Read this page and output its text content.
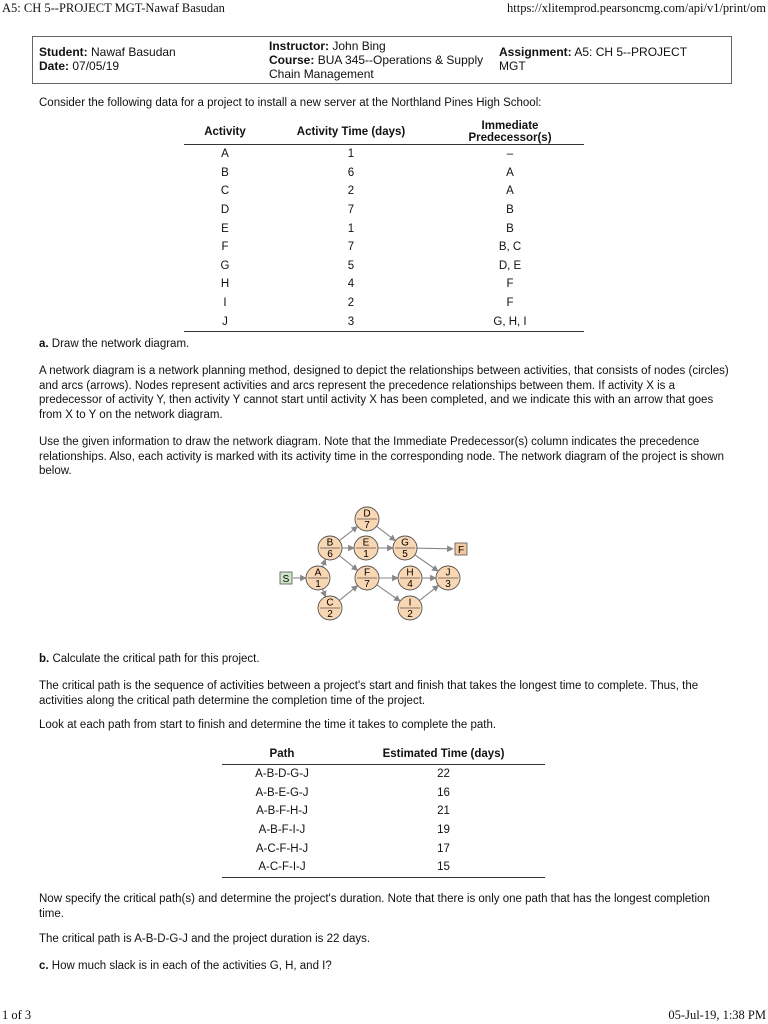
A5: CH 5--PROJECT MGT-Nawaf Basudan	https://xlitemprod.pearsoncmg.com/api/v1/print/om
Student: Nawaf Basudan
Date: 07/05/19
Instructor: John Bing
Course: BUA 345--Operations & Supply
Chain Management
Assignment: A5: CH 5--PROJECT
MGT

Consider the following data for a project to install a new server at the Northland Pines High School:

Activity	Activity Time (days)	Immediate Predecessor(s)
A	1	–
B	6	A
C	2	A
D	7	B
E	1	B
F	7	B, C
G	5	D, E
H	4	F
I	2	F
J	3	G, H, I

a. Draw the network diagram.

A network diagram is a network planning method, designed to depict the relationships between activities, that consists of nodes (circles) and arcs (arrows). Nodes represent activities and arcs represent the precedence relationships between them. If activity X is a predecessor of activity Y, then activity Y cannot start until activity X has been completed, and we indicate this with an arrow that goes from X to Y on the network diagram.

Use the given information to draw the network diagram. Note that the Immediate Predecessor(s) column indicates the precedence relationships. Also, each activity is marked with its activity time in the corresponding node. The network diagram of the project is shown below.

S
F
A
1
B
6
C
2
D
7
E
1
F
7
G
5
H
4
I
2
J
3

b. Calculate the critical path for this project.

The critical path is the sequence of activities between a project's start and finish that takes the longest time to complete. Thus, the activities along the critical path determine the completion time of the project.

Look at each path from start to finish and determine the time it takes to complete the path.

Path	Estimated Time (days)
A-B-D-G-J	22
A-B-E-G-J	16
A-B-F-H-J	21
A-B-F-I-J	19
A-C-F-H-J	17
A-C-F-I-J	15

Now specify the critical path(s) and determine the project's duration. Note that there is only one path that has the longest completion time.

The critical path is A-B-D-G-J and the project duration is 22 days.

c. How much slack is in each of the activities G, H, and I?

1 of 3	05-Jul-19, 1:38 PM
